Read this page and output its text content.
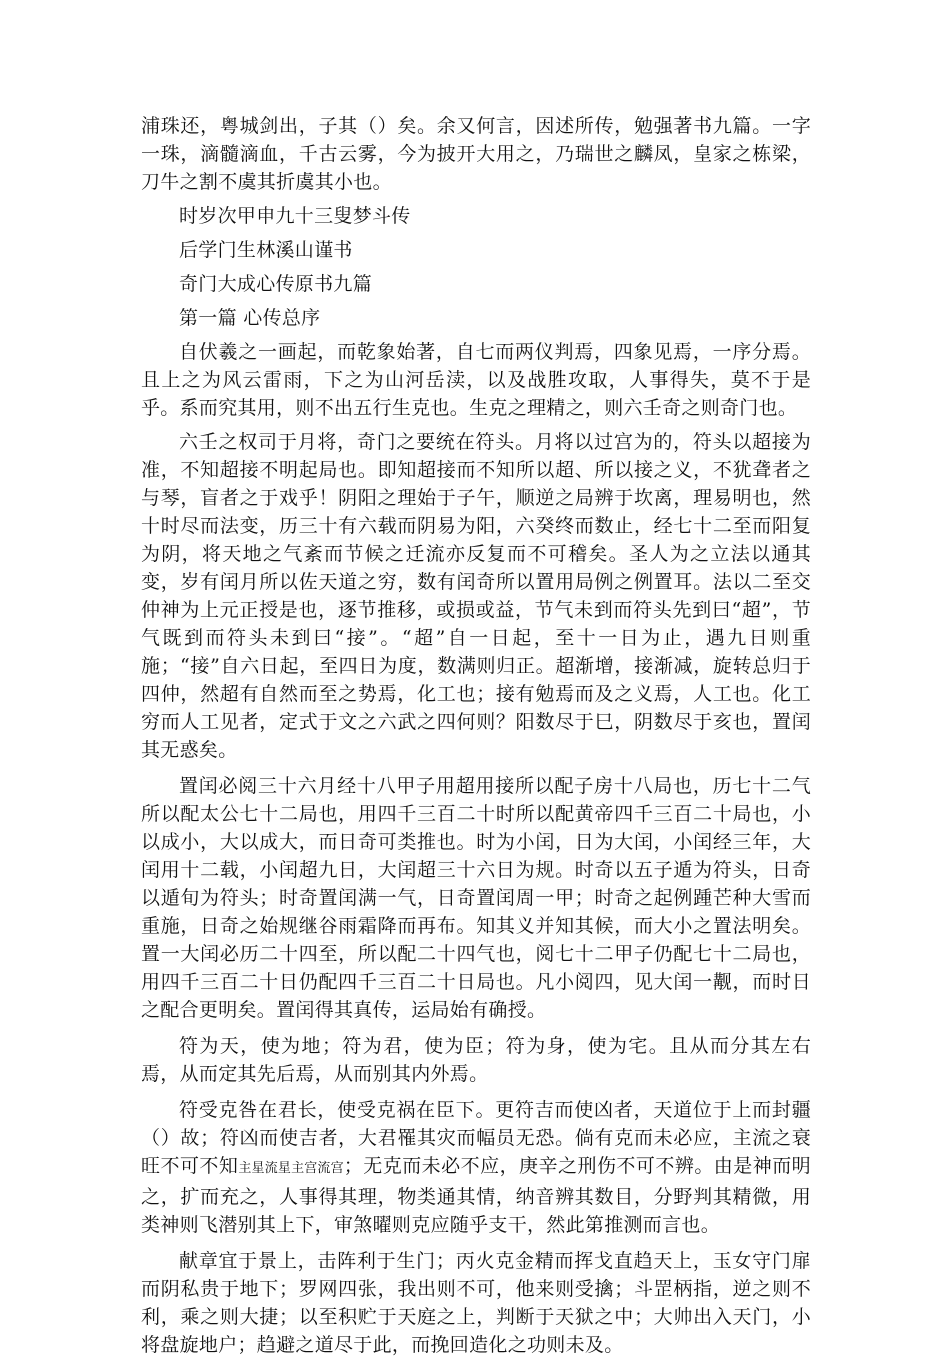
浦珠还，粤城剑出，子其（）矣。余又何言，因述所传，勉强著书九篇。一字一珠，滴髓滴血，千古云雾，今为披开大用之，乃瑞世之麟凤，皇家之栋梁，刀牛之割不虞其折虞其小也。

时岁次甲申九十三叟梦斗传

后学门生林溪山谨书

奇门大成心传原书九篇

第一篇 心传总序

自伏羲之一画起，而乾象始著，自七而两仪判焉，四象见焉，一序分焉。且上之为风云雷雨，下之为山河岳渎，以及战胜攻取，人事得失，莫不于是乎。系而究其用，则不出五行生克也。生克之理精之，则六壬奇之则奇门也。

六壬之权司于月将，奇门之要统在符头。月将以过宫为的，符头以超接为准，不知超接不明起局也。即知超接而不知所以超、所以接之义，不犹聋者之与琴，盲者之于戏乎！阴阳之理始于子午，顺逆之局辨于坎离，理易明也，然十时尽而法变，历三十有六载而阴易为阳，六癸终而数止，经七十二至而阳复为阴，将天地之气紊而节候之迁流亦反复而不可稽矣。圣人为之立法以通其变，岁有闰月所以佐天道之穷，数有闰奇所以置用局例之例置耳。法以二至交仲神为上元正授是也，逐节推移，或损或益，节气未到而符头先到曰“超”，节气既到而符头未到曰“接”。“超”自一日起，至十一日为止，遇九日则重施；“接”自六日起，至四日为度，数满则归正。超渐增，接渐减，旋转总归于四仲，然超有自然而至之势焉，化工也；接有勉焉而及之义焉，人工也。化工穷而人工见者，定式于文之六武之四何则？阳数尽于巳，阴数尽于亥也，置闰其无惑矣。

置闰必阅三十六月经十八甲子用超用接所以配子房十八局也，历七十二气所以配太公七十二局也，用四千三百二十时所以配黄帝四千三百二十局也，小以成小，大以成大，而日奇可类推也。时为小闰，日为大闰，小闰经三年，大闰用十二载，小闰超九日，大闰超三十六日为规。时奇以五子遁为符头，日奇以遁旬为符头；时奇置闰满一气，日奇置闰周一甲；时奇之起例踵芒种大雪而重施，日奇之始规继谷雨霜降而再布。知其义并知其候，而大小之置法明矣。置一大闰必历二十四至，所以配二十四气也，阅七十二甲子仍配七十二局也，用四千三百二十日仍配四千三百二十日局也。凡小阅四，见大闰一觏，而时日之配合更明矣。置闰得其真传，运局始有确授。

符为天，使为地；符为君，使为臣；符为身，使为宅。且从而分其左右焉，从而定其先后焉，从而别其内外焉。

符受克咎在君长，使受克祸在臣下。更符吉而使凶者，天道位于上而封疆（）故；符凶而使吉者，大君罹其灾而幅员无恐。倘有克而未必应，主流之衰旺不可不知主星流星主宫流宫；无克而未必不应，庚辛之刑伤不可不辨。由是神而明之，扩而充之，人事得其理，物类通其情，纳音辨其数目，分野判其精微，用类神则飞潜别其上下，审煞曜则克应随乎支干，然此第推测而言也。

献章宜于景上，击阵利于生门；丙火克金精而挥戈直趋天上，玉女守门扉而阴私贵于地下；罗网四张，我出则不可，他来则受擒；斗罡柄指，逆之则不利，乘之则大捷；以至积贮于天庭之上，判断于天狱之中；大帅出入天门，小将盘旋地户；趋避之道尽于此，而挽回造化之功则未及。
